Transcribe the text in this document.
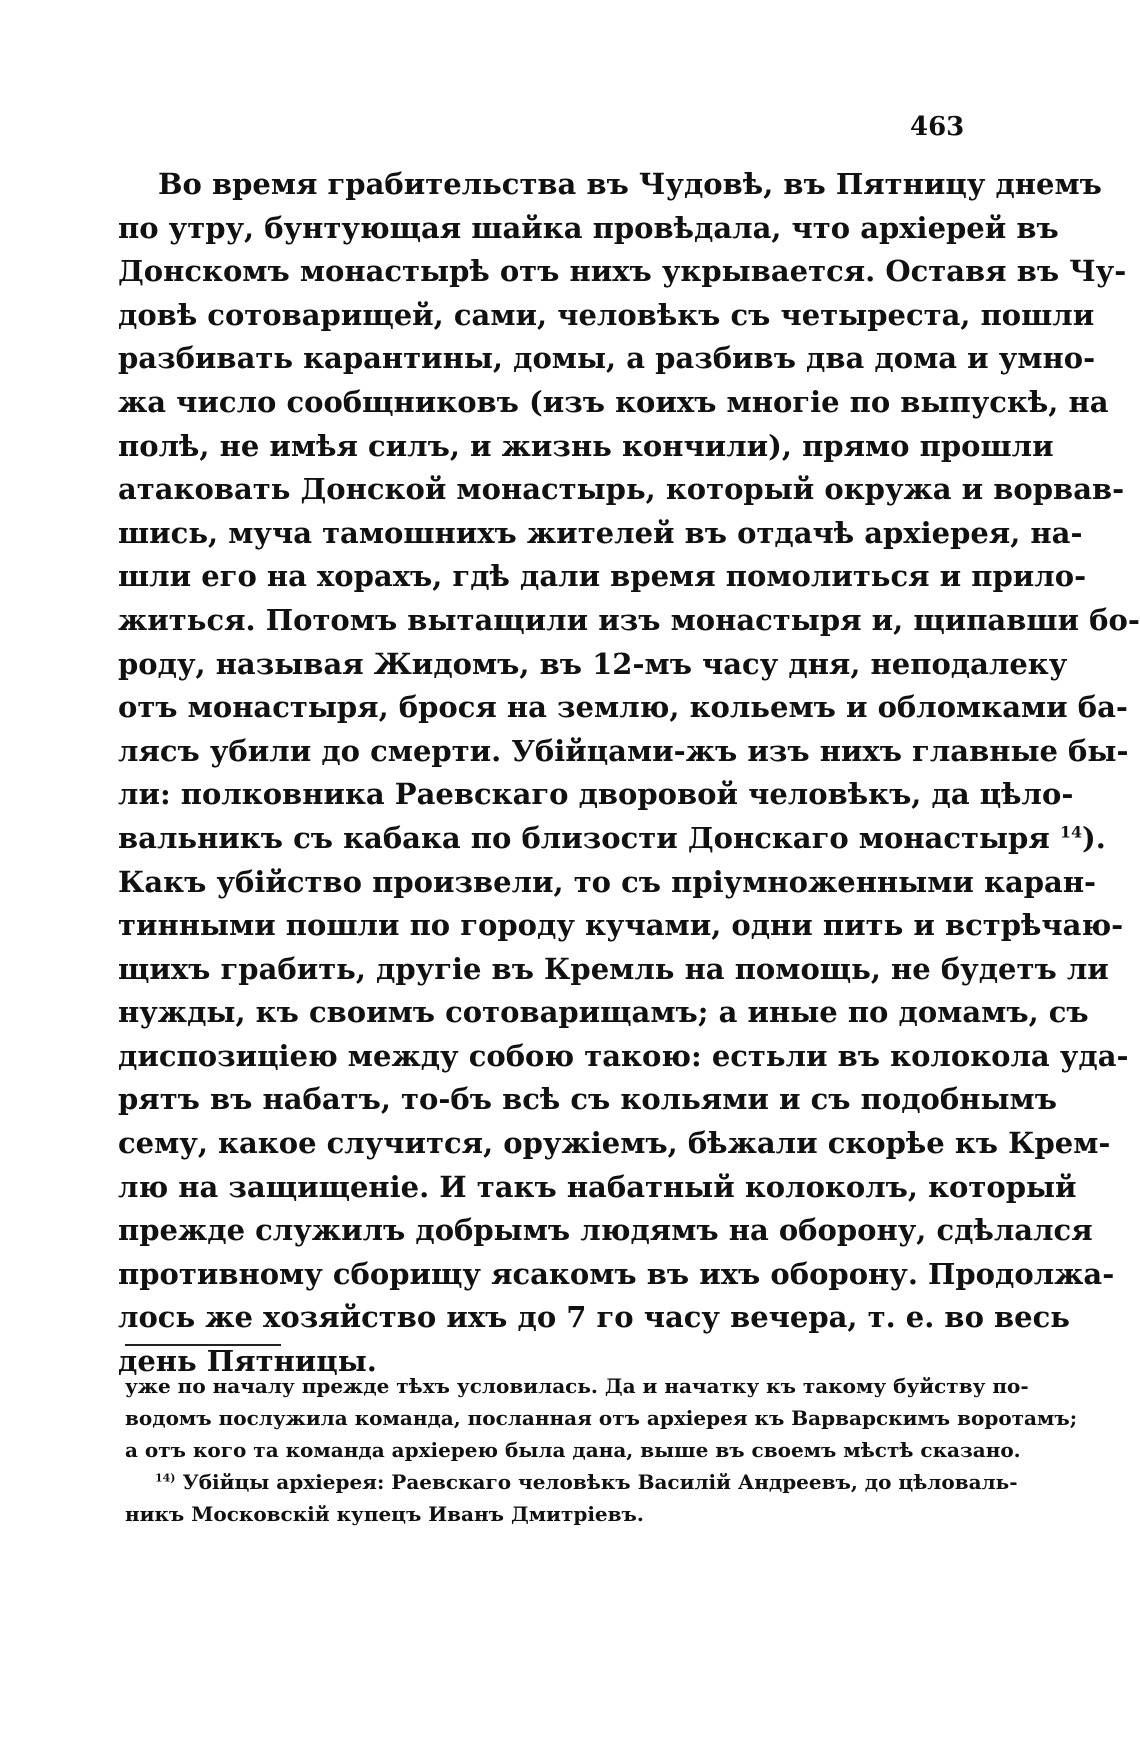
463
Во время грабительства въ Чудовѣ, въ Пятницу днемъ
по утру, бунтующая шайка провѣдала, что архіерей въ
Донскомъ монастырѣ отъ нихъ укрывается. Оставя въ Чу-
довѣ сотоварищей, сами, человѣкъ съ четыреста, пошли
разбивать карантины, домы, а разбивъ два дома и умно-
жа число сообщниковъ (изъ коихъ многіе по выпускѣ, на
полѣ, не имѣя силъ, и жизнь кончили), прямо прошли
атаковать Донской монастырь, который окружа и ворвав-
шись, муча тамошнихъ жителей въ отдачѣ архіерея, на-
шли его на хорахъ, гдѣ дали время помолиться и прило-
житься. Потомъ вытащили изъ монастыря и, щипавши бо-
роду, называя Жидомъ, въ 12-мъ часу дня, неподалеку
отъ монастыря, брося на землю, кольемъ и обломками ба-
лясъ убили до смерти. Убійцами-жъ изъ нихъ главные бы-
ли: полковника Раевскаго дворовой человѣкъ, да цѣло-
вальникъ съ кабака по близости Донскаго монастыря $^{14}$).
Какъ убійство произвели, то съ пріумноженными каран-
тинными пошли по городу кучами, одни пить и встрѣчаю-
щихъ грабить, другіе въ Кремль на помощь, не будетъ ли
нужды, къ своимъ сотоварищамъ; а иные по домамъ, съ
диспозиціею между собою такою: естьли въ колокола уда-
рятъ въ набатъ, то-бъ всѣ съ кольями и съ подобнымъ
сему, какое случится, оружіемъ, бѣжали скорѣе къ Крем-
лю на защищеніе. И такъ набатный колоколъ, который
прежде служилъ добрымъ людямъ на оборону, сдѣлался
противному сборищу ясакомъ въ ихъ оборону. Продолжа-
лось же хозяйство ихъ до 7 го часу вечера, т. е. во весь
день Пятницы.
уже по началу прежде тѣхъ условилась. Да и начатку къ такому буйству по-
водомъ послужила команда, посланная отъ архіерея къ Варварскимъ воротамъ;
а отъ кого та команда архіерею была дана, выше въ своемъ мѣстѣ сказано.
$^{14)}$ Убійцы архіерея: Раевскаго человѣкъ Василій Андреевъ, до цѣловаль-
никъ Московскій купецъ Иванъ Дмитріевъ.
